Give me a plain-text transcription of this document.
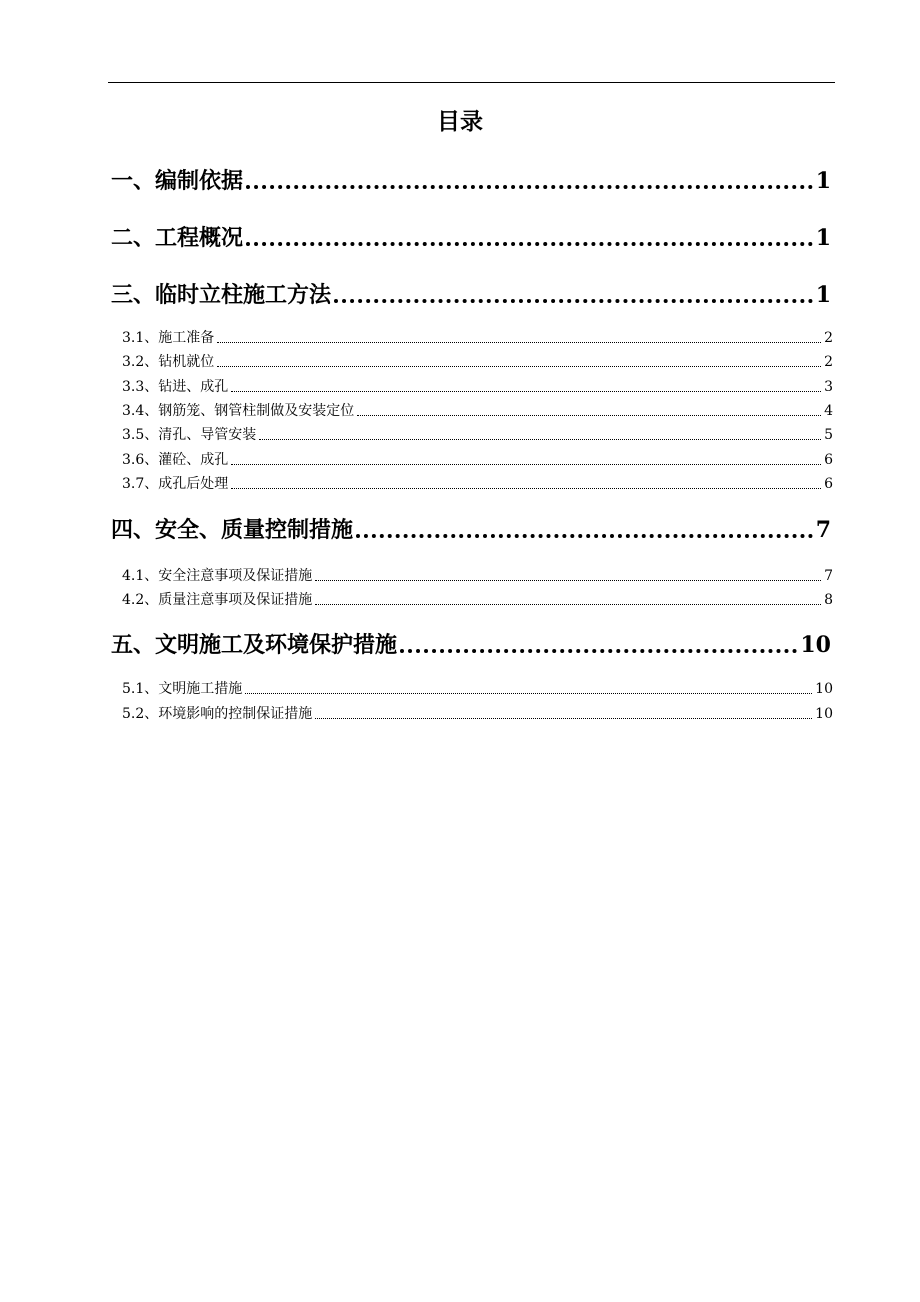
目录
一、编制依据	1
二、工程概况	1
三、临时立柱施工方法	1
3.1、施工准备	2
3.2、钻机就位	2
3.3、钻进、成孔	3
3.4、钢筋笼、钢管柱制做及安装定位	4
3.5、清孔、导管安装	5
3.6、灌砼、成孔	6
3.7、成孔后处理	6
四、安全、质量控制措施	7
4.1、安全注意事项及保证措施	7
4.2、质量注意事项及保证措施	8
五、文明施工及环境保护措施	10
5.1、文明施工措施	10
5.2、环境影响的控制保证措施	10
